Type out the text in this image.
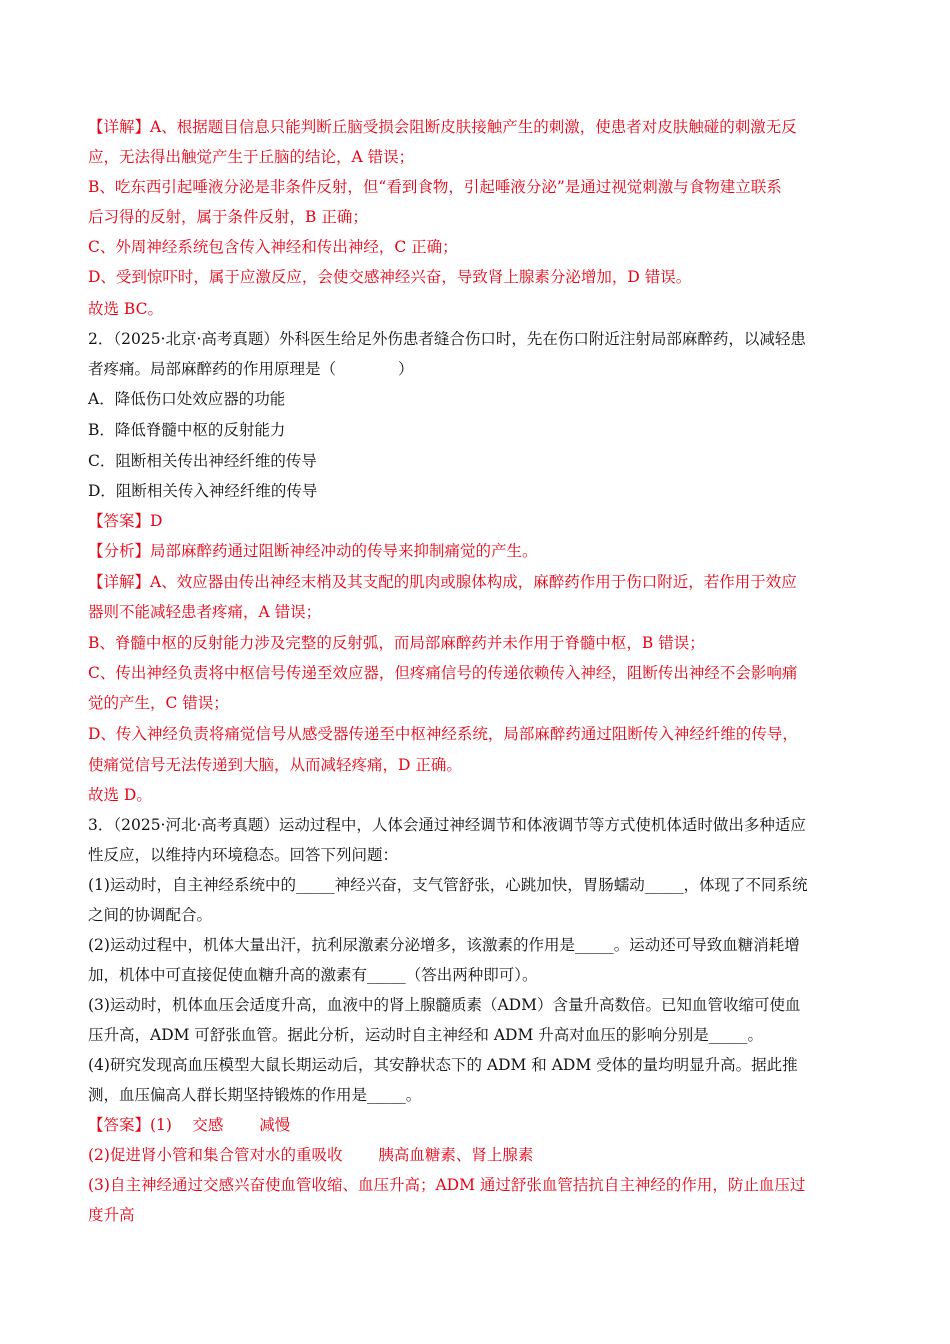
【详解】A、根据题目信息只能判断丘脑受损会阻断皮肤接触产生的刺激，使患者对皮肤触碰的刺激无反
应，无法得出触觉产生于丘脑的结论，A 错误；
B、吃东西引起唾液分泌是非条件反射，但“看到食物，引起唾液分泌”是通过视觉刺激与食物建立联系
后习得的反射，属于条件反射，B 正确；
C、外周神经系统包含传入神经和传出神经，C 正确；
D、受到惊吓时，属于应激反应，会使交感神经兴奋，导致肾上腺素分泌增加，D 错误。
故选 BC。
2．（2025·北京·高考真题）外科医生给足外伤患者缝合伤口时，先在伤口附近注射局部麻醉药，以减轻患
者疼痛。局部麻醉药的作用原理是（　　　　）
A．降低伤口处效应器的功能
B．降低脊髓中枢的反射能力
C．阻断相关传出神经纤维的传导
D．阻断相关传入神经纤维的传导
【答案】D
【分析】局部麻醉药通过阻断神经冲动的传导来抑制痛觉的产生。
【详解】A、效应器由传出神经末梢及其支配的肌肉或腺体构成，麻醉药作用于伤口附近，若作用于效应
器则不能减轻患者疼痛，A 错误；
B、脊髓中枢的反射能力涉及完整的反射弧，而局部麻醉药并未作用于脊髓中枢，B 错误；
C、传出神经负责将中枢信号传递至效应器，但疼痛信号的传递依赖传入神经，阻断传出神经不会影响痛
觉的产生，C 错误；
D、传入神经负责将痛觉信号从感受器传递至中枢神经系统，局部麻醉药通过阻断传入神经纤维的传导，
使痛觉信号无法传递到大脑，从而减轻疼痛，D 正确。
故选 D。
3．（2025·河北·高考真题）运动过程中，人体会通过神经调节和体液调节等方式使机体适时做出多种适应
性反应，以维持内环境稳态。回答下列问题：
(1)运动时，自主神经系统中的_____神经兴奋，支气管舒张，心跳加快，胃肠蠕动_____，体现了不同系统
之间的协调配合。
(2)运动过程中，机体大量出汗，抗利尿激素分泌增多，该激素的作用是_____。运动还可导致血糖消耗增
加，机体中可直接促使血糖升高的激素有_____（答出两种即可）。
(3)运动时，机体血压会适度升高，血液中的肾上腺髓质素（ADM）含量升高数倍。已知血管收缩可使血
压升高，ADM 可舒张血管。据此分析，运动时自主神经和 ADM 升高对血压的影响分别是_____。
(4)研究发现高血压模型大鼠长期运动后，其安静状态下的 ADM 和 ADM 受体的量均明显升高。据此推
测，血压偏高人群长期坚持锻炼的作用是_____。
【答案】(1)　 交感　　 减慢
(2)促进肾小管和集合管对水的重吸收　　 胰高血糖素、肾上腺素
(3)自主神经通过交感兴奋使血管收缩、血压升高；ADM 通过舒张血管拮抗自主神经的作用，防止血压过
度升高
